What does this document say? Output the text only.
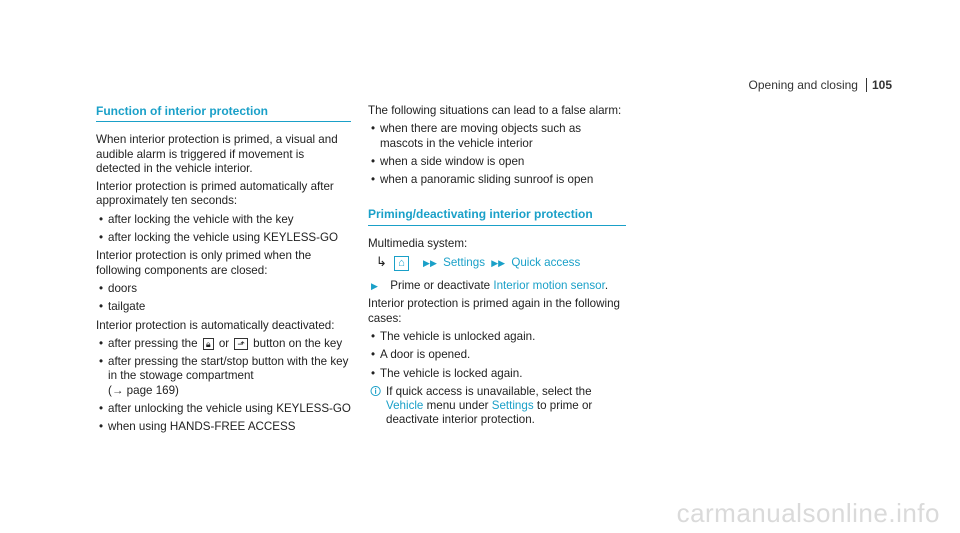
Opening and closing 105
Function of interior protection

When interior protection is primed, a visual and audible alarm is triggered if movement is detected in the vehicle interior.

Interior protection is primed automatically after approximately ten seconds:

• after locking the vehicle with the key
• after locking the vehicle using KEYLESS-GO

Interior protection is only primed when the following components are closed:

• doors
• tailgate

Interior protection is automatically deactivated:

• after pressing the 🔒︎ or ⬏ button on the key
• after pressing the start/stop button with the key in the stowage compartment
(→ page 169)
• after unlocking the vehicle using KEYLESS-GO
• when using HANDS-FREE ACCESS

The following situations can lead to a false alarm:

• when there are moving objects such as mascots in the vehicle interior
• when a side window is open
• when a panoramic sliding sunroof is open
Priming/deactivating interior protection

Multimedia system:

↳ ⌂ ▶▶ Settings ▶▶ Quick access

▶ Prime or deactivate Interior motion sensor.

Interior protection is primed again in the following cases:

• The vehicle is unlocked again.
• A door is opened.
• The vehicle is locked again.

🛈︎ If quick access is unavailable, select the Vehicle menu under Settings to prime or deactivate interior protection.

carmanualsonline.info
